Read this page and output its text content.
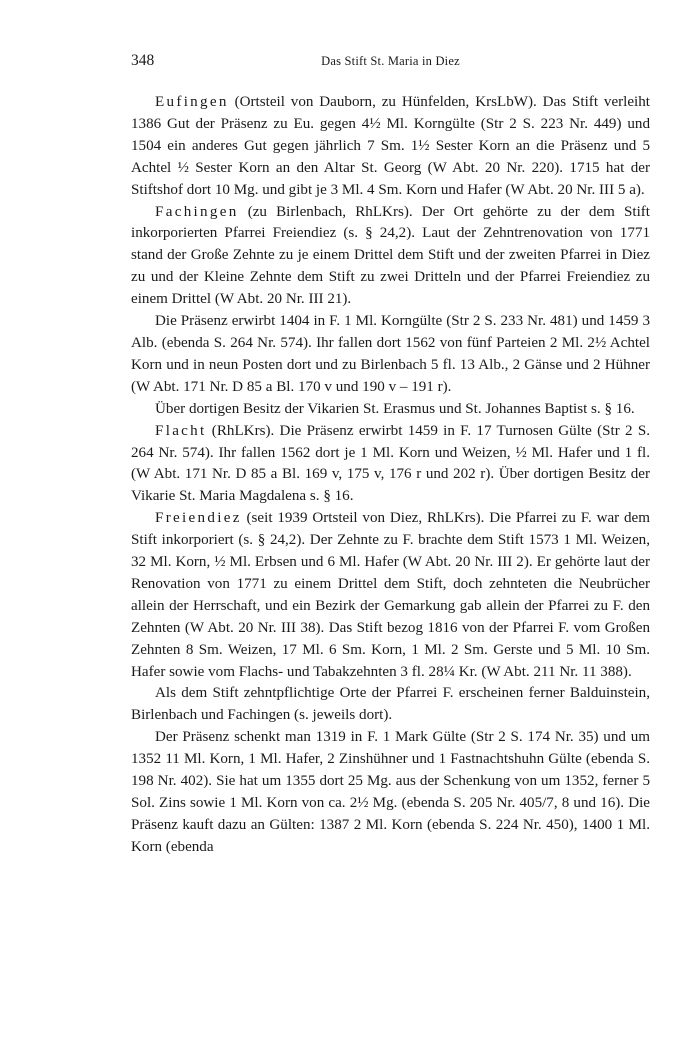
348	Das Stift St. Maria in Diez

Eufingen (Ortsteil von Dauborn, zu Hünfelden, KrsLbW). Das Stift verleiht 1386 Gut der Präsenz zu Eu. gegen 4½ Ml. Korngülte (Str 2 S. 223 Nr. 449) und 1504 ein anderes Gut gegen jährlich 7 Sm. 1½ Sester Korn an die Präsenz und 5 Achtel ½ Sester Korn an den Altar St. Georg (W Abt. 20 Nr. 220). 1715 hat der Stiftshof dort 10 Mg. und gibt je 3 Ml. 4 Sm. Korn und Hafer (W Abt. 20 Nr. III 5 a).

Fachingen (zu Birlenbach, RhLKrs). Der Ort gehörte zu der dem Stift inkorporierten Pfarrei Freiendiez (s. § 24,2). Laut der Zehntrenovation von 1771 stand der Große Zehnte zu je einem Drittel dem Stift und der zweiten Pfarrei in Diez zu und der Kleine Zehnte dem Stift zu zwei Dritteln und der Pfarrei Freiendiez zu einem Drittel (W Abt. 20 Nr. III 21).

Die Präsenz erwirbt 1404 in F. 1 Ml. Korngülte (Str 2 S. 233 Nr. 481) und 1459 3 Alb. (ebenda S. 264 Nr. 574). Ihr fallen dort 1562 von fünf Parteien 2 Ml. 2½ Achtel Korn und in neun Posten dort und zu Birlenbach 5 fl. 13 Alb., 2 Gänse und 2 Hühner (W Abt. 171 Nr. D 85 a Bl. 170 v und 190 v – 191 r).

Über dortigen Besitz der Vikarien St. Erasmus und St. Johannes Baptist s. § 16.

Flacht (RhLKrs). Die Präsenz erwirbt 1459 in F. 17 Turnosen Gülte (Str 2 S. 264 Nr. 574). Ihr fallen 1562 dort je 1 Ml. Korn und Weizen, ½ Ml. Hafer und 1 fl. (W Abt. 171 Nr. D 85 a Bl. 169 v, 175 v, 176 r und 202 r). Über dortigen Besitz der Vikarie St. Maria Magdalena s. § 16.

Freiendiez (seit 1939 Ortsteil von Diez, RhLKrs). Die Pfarrei zu F. war dem Stift inkorporiert (s. § 24,2). Der Zehnte zu F. brachte dem Stift 1573 1 Ml. Weizen, 32 Ml. Korn, ½ Ml. Erbsen und 6 Ml. Hafer (W Abt. 20 Nr. III 2). Er gehörte laut der Renovation von 1771 zu einem Drittel dem Stift, doch zehnteten die Neubrücher allein der Herrschaft, und ein Bezirk der Gemarkung gab allein der Pfarrei zu F. den Zehnten (W Abt. 20 Nr. III 38). Das Stift bezog 1816 von der Pfarrei F. vom Großen Zehnten 8 Sm. Weizen, 17 Ml. 6 Sm. Korn, 1 Ml. 2 Sm. Gerste und 5 Ml. 10 Sm. Hafer sowie vom Flachs- und Tabakzehnten 3 fl. 28¼ Kr. (W Abt. 211 Nr. 11 388).

Als dem Stift zehntpflichtige Orte der Pfarrei F. erscheinen ferner Balduinstein, Birlenbach und Fachingen (s. jeweils dort).

Der Präsenz schenkt man 1319 in F. 1 Mark Gülte (Str 2 S. 174 Nr. 35) und um 1352 11 Ml. Korn, 1 Ml. Hafer, 2 Zinshühner und 1 Fastnachtshuhn Gülte (ebenda S. 198 Nr. 402). Sie hat um 1355 dort 25 Mg. aus der Schenkung von um 1352, ferner 5 Sol. Zins sowie 1 Ml. Korn von ca. 2½ Mg. (ebenda S. 205 Nr. 405/7, 8 und 16). Die Präsenz kauft dazu an Gülten: 1387 2 Ml. Korn (ebenda S. 224 Nr. 450), 1400 1 Ml. Korn (ebenda
